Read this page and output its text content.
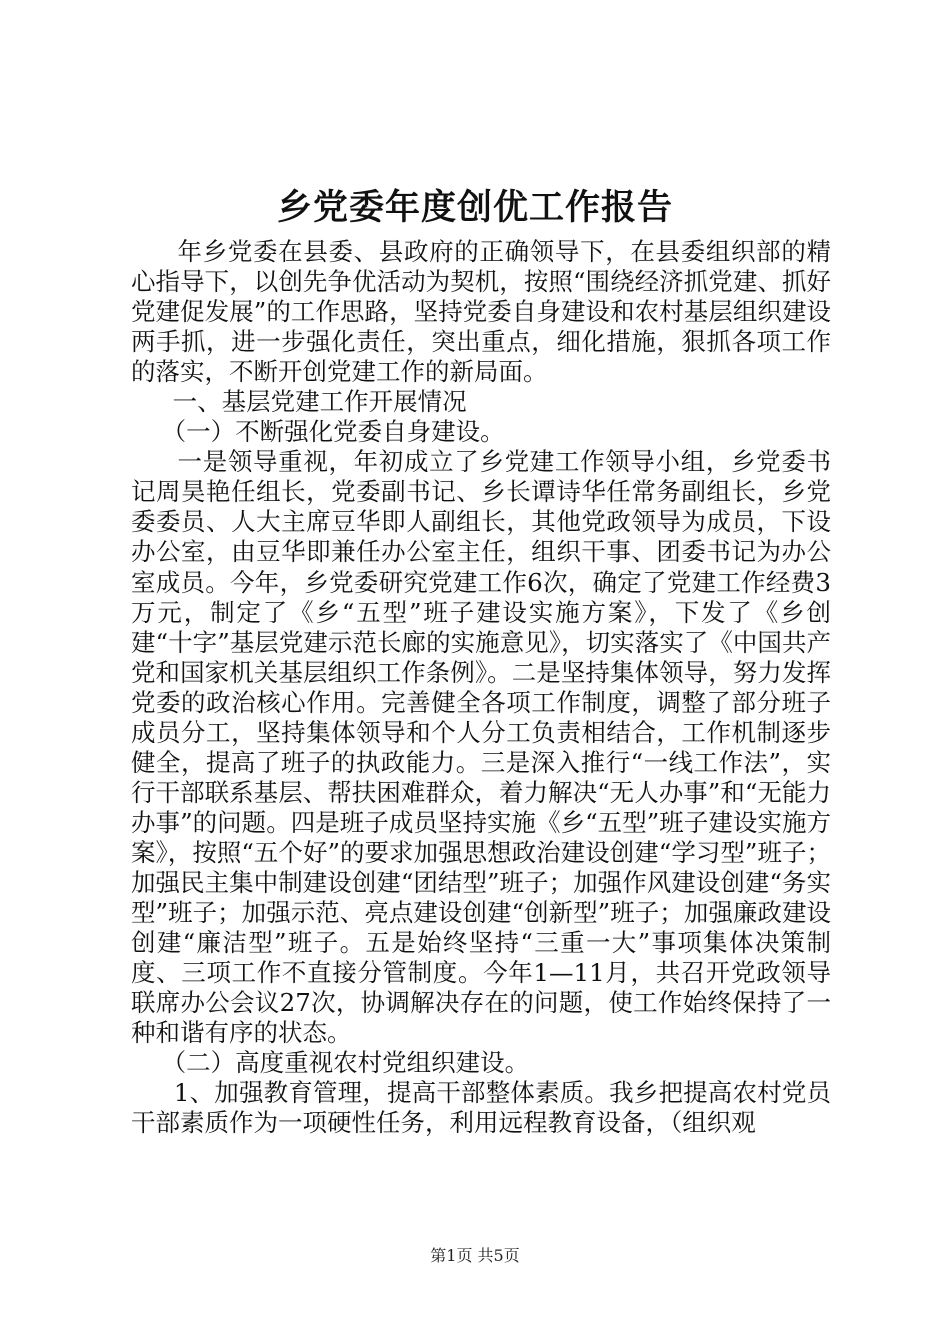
乡党委年度创优工作报告

年乡党委在县委、县政府的正确领导下，在县委组织部的精心指导下，以创先争优活动为契机，按照“围绕经济抓党建、抓好党建促发展”的工作思路，坚持党委自身建设和农村基层组织建设两手抓，进一步强化责任，突出重点，细化措施，狠抓各项工作的落实，不断开创党建工作的新局面。

一、基层党建工作开展情况

（一）不断强化党委自身建设。

一是领导重视，年初成立了乡党建工作领导小组，乡党委书记周昊艳任组长，党委副书记、乡长谭诗华任常务副组长，乡党委委员、人大主席豆华即人副组长，其他党政领导为成员，下设办公室，由豆华即兼任办公室主任，组织干事、团委书记为办公室成员。今年，乡党委研究党建工作6次，确定了党建工作经费3万元，制定了《乡“五型”班子建设实施方案》，下发了《乡创建“十字”基层党建示范长廊的实施意见》，切实落实了《中国共产党和国家机关基层组织工作条例》。二是坚持集体领导，努力发挥党委的政治核心作用。完善健全各项工作制度，调整了部分班子成员分工，坚持集体领导和个人分工负责相结合，工作机制逐步健全，提高了班子的执政能力。三是深入推行“一线工作法”，实行干部联系基层、帮扶困难群众，着力解决“无人办事”和“无能力办事”的问题。四是班子成员坚持实施《乡“五型”班子建设实施方案》，按照“五个好”的要求加强思想政治建设创建“学习型”班子；加强民主集中制建设创建“团结型”班子；加强作风建设创建“务实型”班子；加强示范、亮点建设创建“创新型”班子；加强廉政建设创建“廉洁型”班子。五是始终坚持“三重一大”事项集体决策制度、三项工作不直接分管制度。今年1—11月，共召开党政领导联席办公会议27次，协调解决存在的问题，使工作始终保持了一种和谐有序的状态。

（二）高度重视农村党组织建设。

1、加强教育管理，提高干部整体素质。我乡把提高农村党员干部素质作为一项硬性任务，利用远程教育设备，（组织观

第1页 共5页
